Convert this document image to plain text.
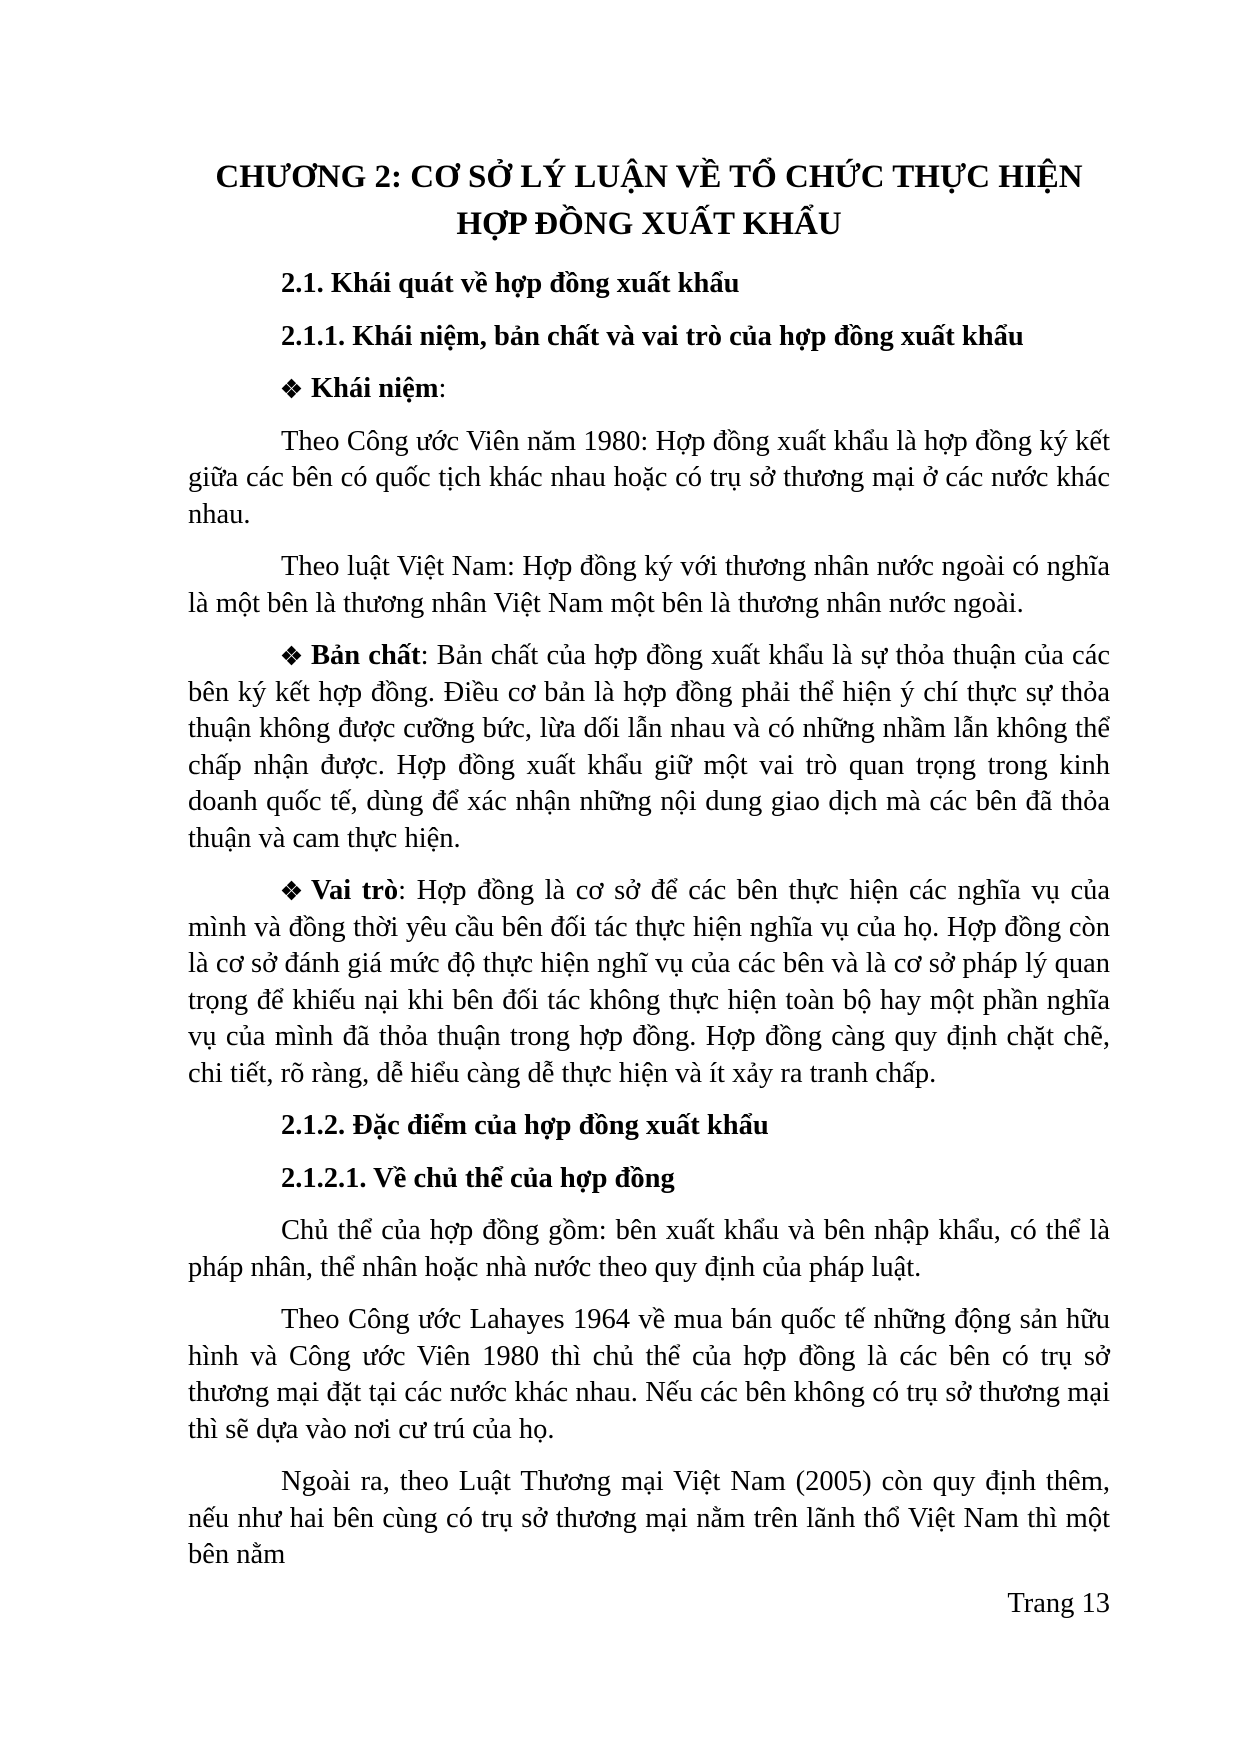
CHƯƠNG 2: CƠ SỞ LÝ LUẬN VỀ TỔ CHỨC THỰC HIỆN
HỢP ĐỒNG XUẤT KHẨU

2.1. Khái quát về hợp đồng xuất khẩu

2.1.1. Khái niệm, bản chất và vai trò của hợp đồng xuất khẩu

Khái niệm:

Theo Công ước Viên năm 1980: Hợp đồng xuất khẩu là hợp đồng ký kết giữa các bên có quốc tịch khác nhau hoặc có trụ sở thương mại ở các nước khác nhau.

Theo luật Việt Nam: Hợp đồng ký với thương nhân nước ngoài có nghĩa là một bên là thương nhân Việt Nam một bên là thương nhân nước ngoài.

Bản chất: Bản chất của hợp đồng xuất khẩu là sự thỏa thuận của các bên ký kết hợp đồng. Điều cơ bản là hợp đồng phải thể hiện ý chí thực sự thỏa thuận không được cưỡng bức, lừa dối lẫn nhau và có những nhầm lẫn không thể chấp nhận được. Hợp đồng xuất khẩu giữ một vai trò quan trọng trong kinh doanh quốc tế, dùng để xác nhận những nội dung giao dịch mà các bên đã thỏa thuận và cam thực hiện.

Vai trò: Hợp đồng là cơ sở để các bên thực hiện các nghĩa vụ của mình và đồng thời yêu cầu bên đối tác thực hiện nghĩa vụ của họ. Hợp đồng còn là cơ sở đánh giá mức độ thực hiện nghĩ vụ của các bên và là cơ sở pháp lý quan trọng để khiếu nại khi bên đối tác không thực hiện toàn bộ hay một phần nghĩa vụ của mình đã thỏa thuận trong hợp đồng. Hợp đồng càng quy định chặt chẽ, chi tiết, rõ ràng, dễ hiểu càng dễ thực hiện và ít xảy ra tranh chấp.

2.1.2. Đặc điểm của hợp đồng xuất khẩu

2.1.2.1. Về chủ thể của hợp đồng

Chủ thể của hợp đồng gồm: bên xuất khẩu và bên nhập khẩu, có thể là pháp nhân, thể nhân hoặc nhà nước theo quy định của pháp luật.

Theo Công ước Lahayes 1964 về mua bán quốc tế những động sản hữu hình và Công ước Viên 1980 thì chủ thể của hợp đồng là các bên có trụ sở thương mại đặt tại các nước khác nhau. Nếu các bên không có trụ sở thương mại thì sẽ dựa vào nơi cư trú của họ.

Ngoài ra, theo Luật Thương mại Việt Nam (2005) còn quy định thêm, nếu như hai bên cùng có trụ sở thương mại nằm trên lãnh thổ Việt Nam thì một bên nằm

Trang 13
